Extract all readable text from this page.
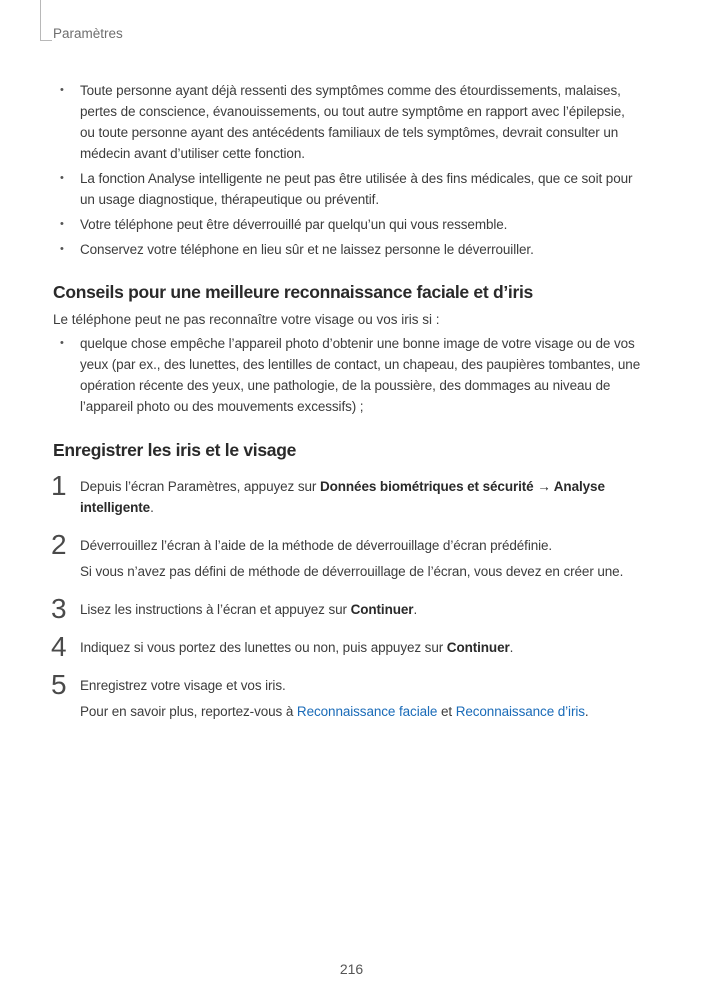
Paramètres
• Toute personne ayant déjà ressenti des symptômes comme des étourdissements, malaises, pertes de conscience, évanouissements, ou tout autre symptôme en rapport avec l’épilepsie, ou toute personne ayant des antécédents familiaux de tels symptômes, devrait consulter un médecin avant d’utiliser cette fonction.
• La fonction Analyse intelligente ne peut pas être utilisée à des fins médicales, que ce soit pour un usage diagnostique, thérapeutique ou préventif.
• Votre téléphone peut être déverrouillé par quelqu’un qui vous ressemble.
• Conservez votre téléphone en lieu sûr et ne laissez personne le déverrouiller.
Conseils pour une meilleure reconnaissance faciale et d’iris

Le téléphone peut ne pas reconnaître votre visage ou vos iris si :

• quelque chose empêche l’appareil photo d’obtenir une bonne image de votre visage ou de vos yeux (par ex., des lunettes, des lentilles de contact, un chapeau, des paupières tombantes, une opération récente des yeux, une pathologie, de la poussière, des dommages au niveau de l’appareil photo ou des mouvements excessifs) ;
Enregistrer les iris et le visage
1 Depuis l’écran Paramètres, appuyez sur Données biométriques et sécurité → Analyse intelligente.

2 Déverrouillez l’écran à l’aide de la méthode de déverrouillage d’écran prédéfinie.

Si vous n’avez pas défini de méthode de déverrouillage de l’écran, vous devez en créer une.

3 Lisez les instructions à l’écran et appuyez sur Continuer.

4 Indiquez si vous portez des lunettes ou non, puis appuyez sur Continuer.

5 Enregistrez votre visage et vos iris.

Pour en savoir plus, reportez-vous à Reconnaissance faciale et Reconnaissance d’iris.

216
